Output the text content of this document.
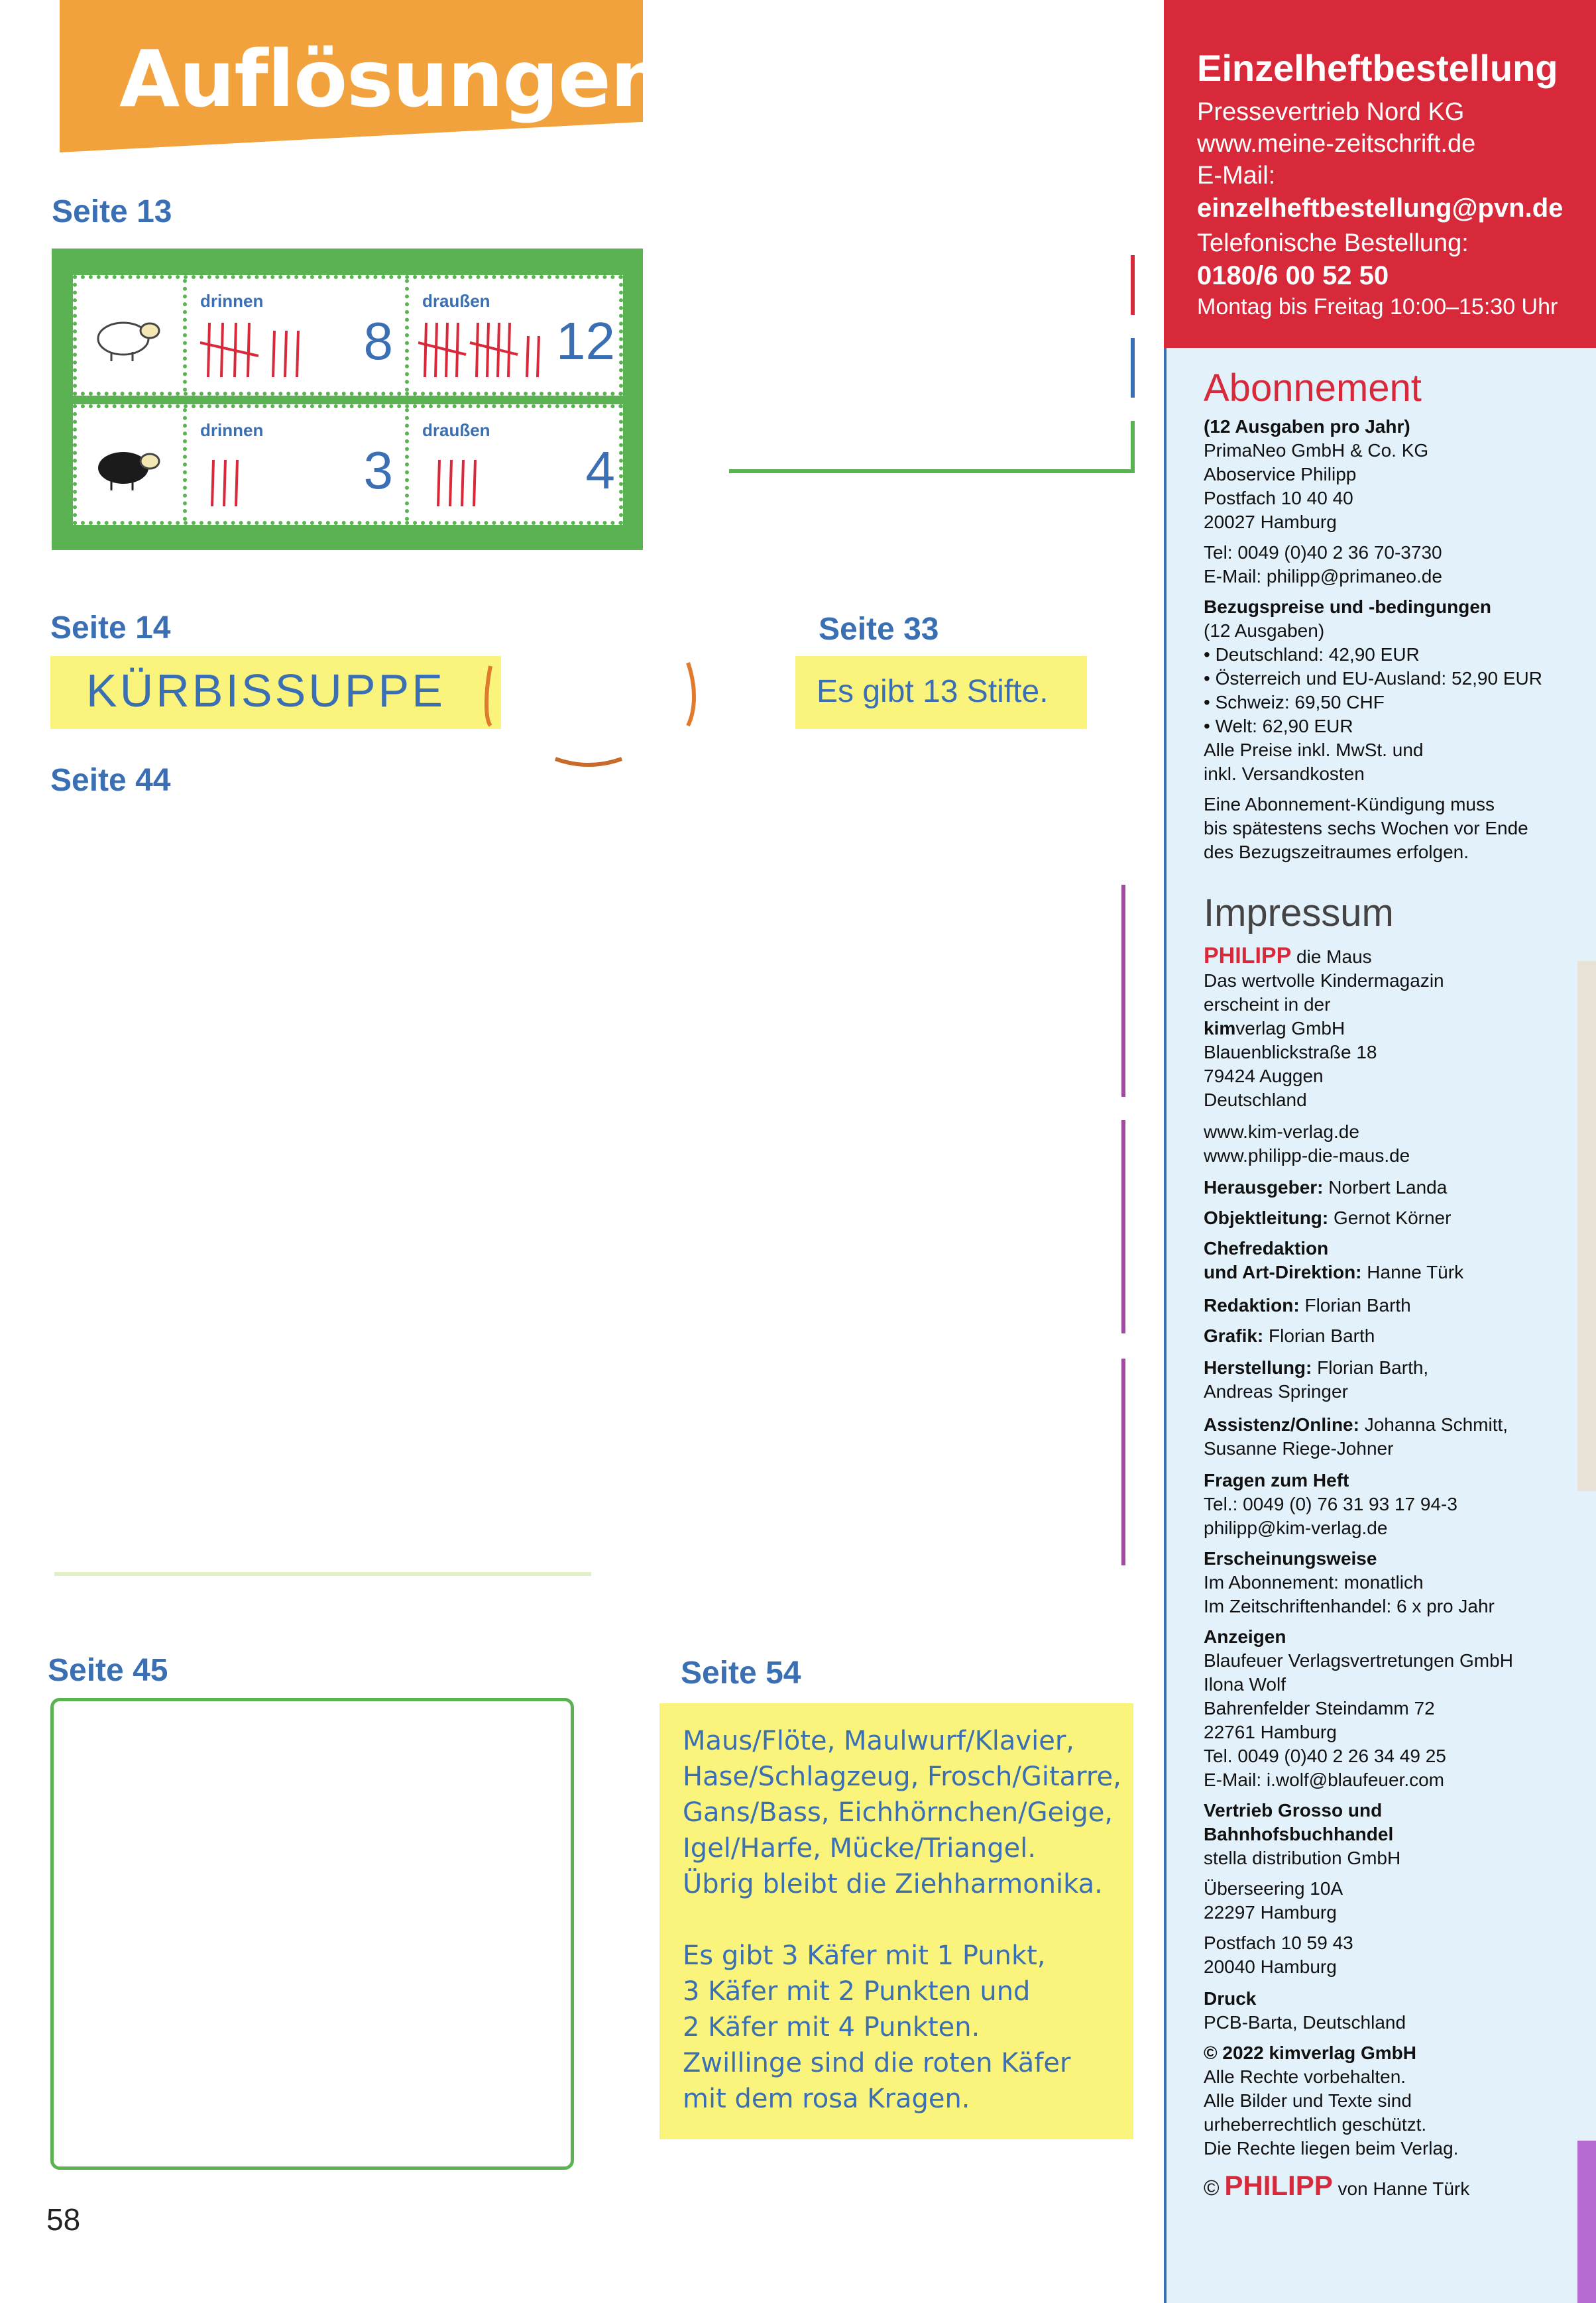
Auflösungen
Seite 13
drinnen
8
draußen
12
drinnen
3
draußen
4
Seite 14
KÜRBISSUPPE
Seite 33
Es gibt 13 Stifte.
Seite 44
Seite 45	Seite 54
Maus/Flöte, Maulwurf/Klavier,
Hase/Schlagzeug, Frosch/Gitarre,
Gans/Bass, Eichhörnchen/Geige,
Igel/Harfe, Mücke/Triangel.
Übrig bleibt die Ziehharmonika.
Es gibt 3 Käfer mit 1 Punkt,
3 Käfer mit 2 Punkten und
2 Käfer mit 4 Punkten.
Zwillinge sind die roten Käfer
mit dem rosa Kragen.
58
Einzelheftbestellung
Pressevertrieb Nord KG
www.meine-zeitschrift.de
E-Mail:
einzelheftbestellung@pvn.de
Telefonische Bestellung:
0180/6 00 52 50
Montag bis Freitag 10:00–15:30 Uhr
Abonnement
(12 Ausgaben pro Jahr)
PrimaNeo GmbH & Co. KG
Aboservice Philipp
Postfach 10 40 40
20027 Hamburg
Tel: 0049 (0)40 2 36 70-3730
E-Mail: philipp@primaneo.de
Bezugspreise und -bedingungen
(12 Ausgaben)
• Deutschland: 42,90 EUR
• Österreich und EU-Ausland: 52,90 EUR
• Schweiz: 69,50 CHF
• Welt: 62,90 EUR
Alle Preise inkl. MwSt. und
inkl. Versandkosten
Eine Abonnement-Kündigung muss
bis spätestens sechs Wochen vor Ende
des Bezugszeitraumes erfolgen.
Impressum
PHILIPP die Maus
Das wertvolle Kindermagazin
erscheint in der
kimverlag GmbH
Blauenblickstraße 18
79424 Auggen
Deutschland
www.kim-verlag.de
www.philipp-die-maus.de
Herausgeber: Norbert Landa
Objektleitung: Gernot Körner
Chefredaktion
und Art-Direktion: Hanne Türk
Redaktion: Florian Barth
Grafik: Florian Barth
Herstellung: Florian Barth,
Andreas Springer
Assistenz/Online: Johanna Schmitt,
Susanne Riege-Johner
Fragen zum Heft
Tel.: 0049 (0) 76 31 93 17 94-3
philipp@kim-verlag.de
Erscheinungsweise
Im Abonnement: monatlich
Im Zeitschriftenhandel: 6 x pro Jahr
Anzeigen
Blaufeuer Verlagsvertretungen GmbH
Ilona Wolf
Bahrenfelder Steindamm 72
22761 Hamburg
Tel. 0049 (0)40 2 26 34 49 25
E-Mail: i.wolf@blaufeuer.com
Vertrieb Grosso und
Bahnhofsbuchhandel
stella distribution GmbH
Überseering 10A
22297 Hamburg
Postfach 10 59 43
20040 Hamburg
Druck
PCB-Barta, Deutschland
© 2022 kimverlag GmbH
Alle Rechte vorbehalten.
Alle Bilder und Texte sind
urheberrechtlich geschützt.
Die Rechte liegen beim Verlag.
© PHILIPP von Hanne Türk
